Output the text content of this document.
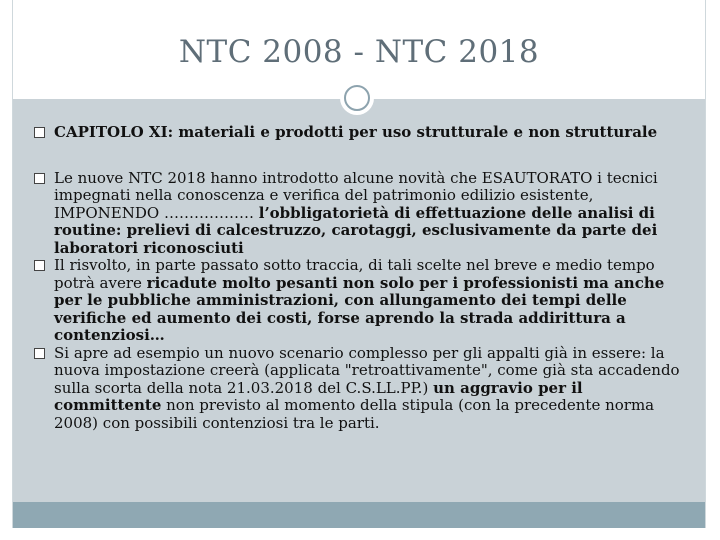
NTC 2008 - NTC 2018
CAPITOLO XI: materiali e prodotti per uso strutturale e non strutturale
Le nuove NTC 2018 hanno introdotto alcune novità che ESAUTORATO i tecnici impegnati nella conoscenza e verifica del patrimonio edilizio esistente, IMPONENDO ……………… l’obbligatorietà di effettuazione delle analisi di routine: prelievi di calcestruzzo, carotaggi, esclusivamente da parte dei laboratori riconosciuti
Il risvolto, in parte passato sotto traccia, di tali scelte nel breve e medio tempo potrà avere ricadute molto pesanti non solo per i professionisti ma anche per le pubbliche amministrazioni, con allungamento dei tempi delle verifiche ed aumento dei costi, forse aprendo la strada addirittura a contenziosi…
Si apre ad esempio un nuovo scenario complesso per gli appalti già in essere: la nuova impostazione creerà (applicata "retroattivamente", come già sta accadendo sulla scorta della nota 21.03.2018 del C.S.LL.PP.) un aggravio per il committente non previsto al momento della stipula (con la precedente norma 2008) con possibili contenziosi tra le parti.
